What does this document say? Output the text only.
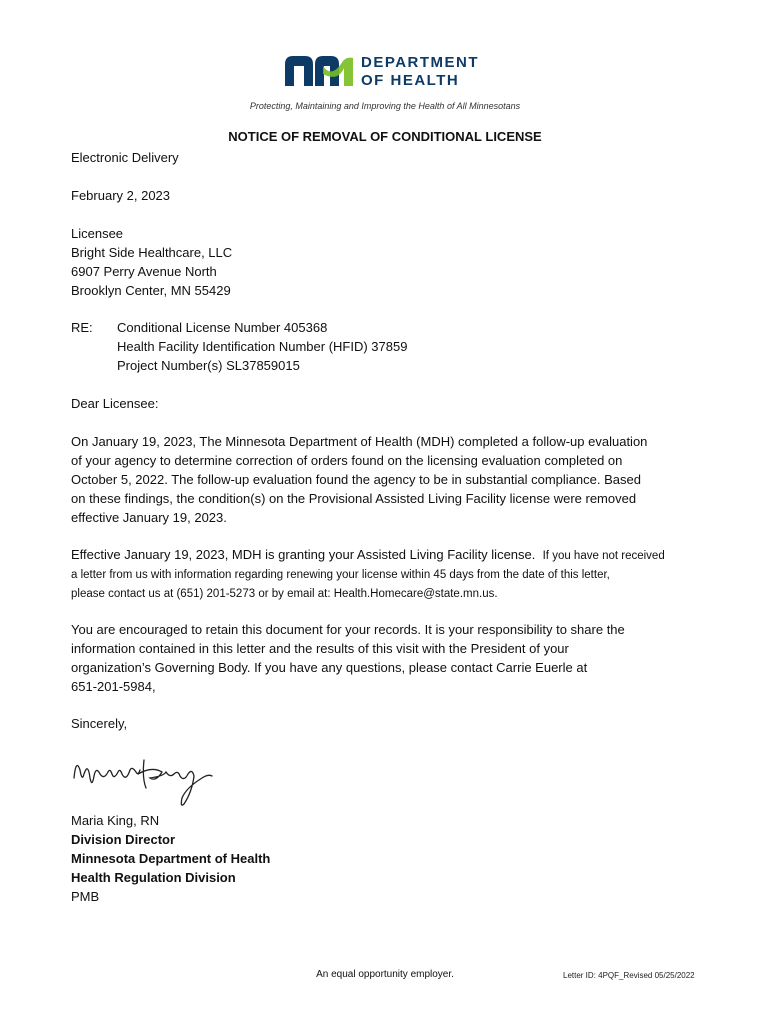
DEPARTMENT
OF HEALTH
Protecting, Maintaining and Improving the Health of All Minnesotans
NOTICE OF REMOVAL OF CONDITIONAL LICENSE
Electronic Delivery
February 2, 2023
Licensee
Bright Side Healthcare, LLC
6907 Perry Avenue North
Brooklyn Center, MN 55429
RE: Conditional License Number 405368
Health Facility Identification Number (HFID) 37859
Project Number(s) SL37859015
Dear Licensee:
On January 19, 2023, The Minnesota Department of Health (MDH) completed a follow-up evaluation
of your agency to determine correction of orders found on the licensing evaluation completed on
October 5, 2022. The follow-up evaluation found the agency to be in substantial compliance. Based
on these findings, the condition(s) on the Provisional Assisted Living Facility license were removed
effective January 19, 2023.
Effective January 19, 2023, MDH is granting your Assisted Living Facility license. If you have not received
a letter from us with information regarding renewing your license within 45 days from the date of this letter,
please contact us at (651) 201-5273 or by email at: Health.Homecare@state.mn.us.
You are encouraged to retain this document for your records. It is your responsibility to share the
information contained in this letter and the results of this visit with the President of your
organization’s Governing Body. If you have any questions, please contact Carrie Euerle at
651-201-5984,
Sincerely,
Maria King, RN
Division Director
Minnesota Department of Health
Health Regulation Division
PMB
An equal opportunity employer.	Letter ID: 4PQF_Revised 05/25/2022
